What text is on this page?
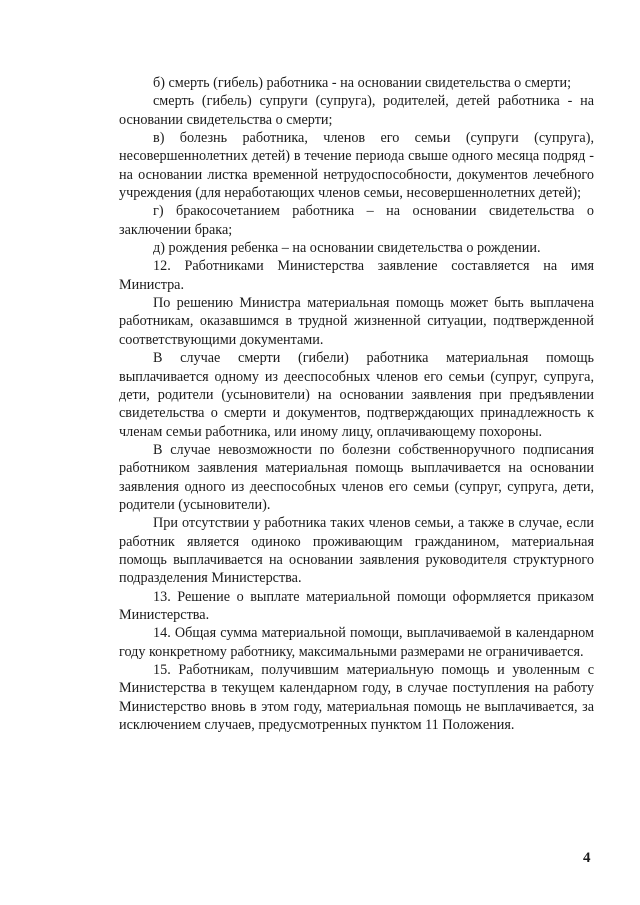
б) смерть (гибель) работника - на основании свидетельства о смерти;

смерть (гибель) супруги (супруга), родителей, детей работника - на основании свидетельства о смерти;

в) болезнь работника, членов его семьи (супруги (супруга), несовершеннолетних детей) в течение периода свыше одного месяца подряд - на основании листка временной нетрудоспособности, документов лечебного учреждения (для неработающих членов семьи, несовершеннолетних детей);

г) бракосочетанием работника – на основании свидетельства о заключении брака;

д) рождения ребенка – на основании свидетельства о рождении.

12. Работниками Министерства заявление составляется на имя Министра.

По решению Министра материальная помощь может быть выплачена работникам, оказавшимся в трудной жизненной ситуации, подтвержденной соответствующими документами.

В случае смерти (гибели) работника материальная помощь выплачивается одному из дееспособных членов его семьи (супруг, супруга, дети, родители (усыновители) на основании заявления при предъявлении свидетельства о смерти и документов, подтверждающих принадлежность к членам семьи работника, или иному лицу, оплачивающему похороны.

В случае невозможности по болезни собственноручного подписания работником заявления материальная помощь выплачивается на основании заявления одного из дееспособных членов его семьи (супруг, супруга, дети, родители (усыновители).

При отсутствии у работника таких членов семьи, а также в случае, если работник является одиноко проживающим гражданином, материальная помощь выплачивается на основании заявления руководителя структурного подразделения Министерства.

13. Решение о выплате материальной помощи оформляется приказом Министерства.

14. Общая сумма материальной помощи, выплачиваемой в календарном году конкретному работнику, максимальными размерами не ограничивается.

15. Работникам, получившим материальную помощь и уволенным с Министерства в текущем календарном году, в случае поступления на работу Министерство вновь в этом году, материальная помощь не выплачивается, за исключением случаев, предусмотренных пунктом 11 Положения.

4
